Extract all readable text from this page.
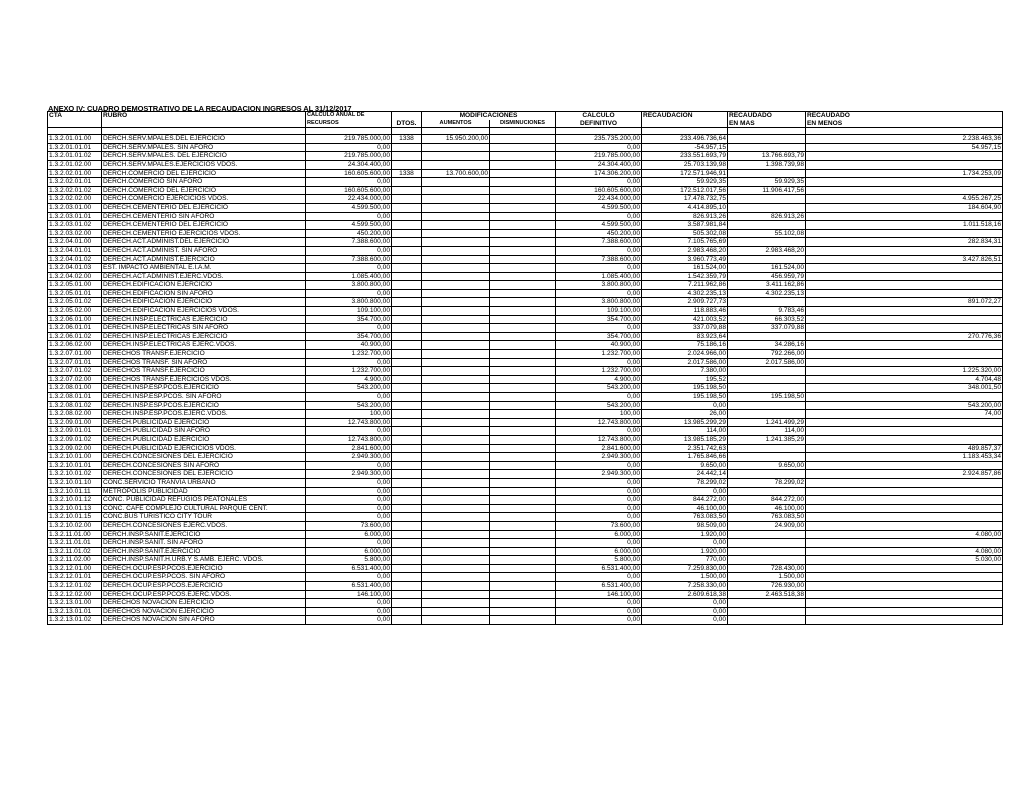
ANEXO IV: CUADRO DEMOSTRATIVO DE LA RECAUDACION INGRESOS AL 31/12/2017
CTA	RUBRO	CALCULO ANUAL DE		MODIFICACIONES		CALCULO	RECAUDACION	RECAUDADO	RECAUDADO
		RECURSOS	DTOS.	AUMENTOS	DISMINUCIONES	DEFINITIVO		EN MAS	EN MENOS

1.3.2.01.01.00	DERCH.SERV.MPALES.DEL EJERCICIO	219.785.000,00	1338	15.950.200,00		235.735.200,00	233.496.736,64		2.238.463,36
1.3.2.01.01.01	DERCH.SERV.MPALES. SIN AFORO	0,00				0,00	-54.957,15		54.957,15
1.3.2.01.01.02	DERCH.SERV.MPALES. DEL EJERCICIO	219.785.000,00				219.785.000,00	233.551.693,79	13.766.693,79	
1.3.2.01.02.00	DERCH.SERV.MPALES.EJERCICIOS VDOS.	24.304.400,00				24.304.400,00	25.703.139,98	1.398.739,98	
1.3.2.02.01.00	DERCH.COMERCIO DEL EJERCICIO	160.605.600,00	1338	13.700.600,00		174.306.200,00	172.571.946,91		1.734.253,09
1.3.2.02.01.01	DERCH.COMERCIO SIN AFORO	0,00				0,00	59.929,35	59.929,35	
1.3.2.02.01.02	DERCH.COMERCIO DEL EJERCICIO	160.605.600,00				160.605.600,00	172.512.017,56	11.906.417,56	
1.3.2.02.02.00	DERCH.COMERCIO EJERCICIOS VDOS.	22.434.000,00				22.434.000,00	17.478.732,75		4.955.267,25
1.3.2.03.01.00	DERECH.CEMENTERIO DEL EJERCICIO	4.599.500,00				4.599.500,00	4.414.895,10		184.604,90
1.3.2.03.01.01	DERECH.CEMENTERIO SIN AFORO	0,00				0,00	826.913,26	826.913,26	
1.3.2.03.01.02	DERECH.CEMENTERIO DEL EJERCICIO	4.599.500,00				4.599.500,00	3.587.981,84		1.011.518,16
1.3.2.03.02.00	DERECH.CEMENTERIO EJERCICIOS VDOS.	450.200,00				450.200,00	505.302,08	55.102,08	
1.3.2.04.01.00	DERECH.ACT.ADMINIST.DEL EJERCICIO	7.388.600,00				7.388.600,00	7.105.765,69		282.834,31
1.3.2.04.01.01	DERECH.ACT.ADMINIST. SIN AFORO	0,00				0,00	2.983.468,20	2.983.468,20	
1.3.2.04.01.02	DERECH.ACT.ADMINIST.EJERCICIO	7.388.600,00				7.388.600,00	3.960.773,49		3.427.826,51
1.3.2.04.01.03	EST. IMPACTO AMBIENTAL E.I.A.M.	0,00				0,00	161.524,00	161.524,00	
1.3.2.04.02.00	DERECH.ACT.ADMINIST.EJERC.VDOS.	1.085.400,00				1.085.400,00	1.542.359,79	456.959,79	
1.3.2.05.01.00	DERECH.EDIFICACION EJERCICIO	3.800.800,00				3.800.800,00	7.211.962,86	3.411.162,86	
1.3.2.05.01.01	DERECH.EDIFICACION SIN AFORO	0,00				0,00	4.302.235,13	4.302.235,13	
1.3.2.05.01.02	DERECH.EDIFICACION EJERCICIO	3.800.800,00				3.800.800,00	2.909.727,73		891.072,27
1.3.2.05.02.00	DERECH.EDIFICACION EJERCICIOS VDOS.	109.100,00				109.100,00	118.883,46	9.783,46	
1.3.2.06.01.00	DERECH.INSP.ELECTRICAS EJERCICIO	354.700,00				354.700,00	421.003,52	66.303,52	
1.3.2.06.01.01	DERECH.INSP.ELECTRICAS SIN AFORO	0,00				0,00	337.079,88	337.079,88	
1.3.2.06.01.02	DERECH.INSP.ELECTRICAS EJERCICIO	354.700,00				354.700,00	83.923,64		270.776,36
1.3.2.06.02.00	DERECH.INSP.ELECTRICAS EJERC.VDOS.	40.900,00				40.900,00	75.186,16	34.286,16	
1.3.2.07.01.00	DERECHOS TRANSF.EJERCICIO	1.232.700,00				1.232.700,00	2.024.966,00	792.266,00	
1.3.2.07.01.01	DERECHOS TRANSF. SIN AFORO	0,00				0,00	2.017.586,00	2.017.586,00	
1.3.2.07.01.02	DERECHOS TRANSF.EJERCICIO	1.232.700,00				1.232.700,00	7.380,00		1.225.320,00
1.3.2.07.02.00	DERECHOS TRANSF.EJERCICIOS VDOS.	4.900,00				4.900,00	195,52		4.704,48
1.3.2.08.01.00	DERECH.INSP.ESP.PCOS.EJERCICIO	543.200,00				543.200,00	195.198,50		348.001,50
1.3.2.08.01.01	DERECH.INSP.ESP.PCOS. SIN AFORO	0,00				0,00	195.198,50	195.198,50	
1.3.2.08.01.02	DERECH.INSP.ESP.PCOS.EJERCICIO	543.200,00				543.200,00	0,00		543.200,00
1.3.2.08.02.00	DERECH.INSP.ESP.PCOS.EJERC.VDOS.	100,00				100,00	26,00		74,00
1.3.2.09.01.00	DERECH.PUBLICIDAD EJERCICIO	12.743.800,00				12.743.800,00	13.985.299,29	1.241.499,29	
1.3.2.09.01.01	DERECH.PUBLICIDAD SIN AFORO	0,00				0,00	114,00	114,00	
1.3.2.09.01.02	DERECH.PUBLICIDAD EJERCICIO	12.743.800,00				12.743.800,00	13.985.185,29	1.241.385,29	
1.3.2.09.02.00	DERECH.PUBLICIDAD EJERCICIOS VDOS.	2.841.600,00				2.841.600,00	2.351.742,63		489.857,37
1.3.2.10.01.00	DERECH.CONCESIONES DEL EJERCICIO	2.949.300,00				2.949.300,00	1.765.846,66		1.183.453,34
1.3.2.10.01.01	DERECH.CONCESIONES SIN AFORO	0,00				0,00	9.650,00	9.650,00	
1.3.2.10.01.02	DERECH.CONCESIONES DEL EJERCICIO	2.949.300,00				2.949.300,00	24.442,14		2.924.857,86
1.3.2.10.01.10	CONC.SERVICIO TRANVIA URBANO	0,00				0,00	78.299,02	78.299,02	
1.3.2.10.01.11	METROPOLIS PUBLICIDAD	0,00				0,00	0,00		
1.3.2.10.01.12	CONC. PUBLICIDAD REFUGIOS PEATONALES	0,00				0,00	844.272,00	844.272,00	
1.3.2.10.01.13	CONC. CAFE COMPLEJO CULTURAL PARQUE CENT.	0,00				0,00	46.100,00	46.100,00	
1.3.2.10.01.15	CONC.BUS TURISTICO CITY TOUR	0,00				0,00	763.083,50	763.083,50	
1.3.2.10.02.00	DERECH.CONCESIONES EJERC.VDOS.	73.600,00				73.600,00	98.509,00	24.909,00	
1.3.2.11.01.00	DERCH.INSP.SANIT.EJERCICIO	6.000,00				6.000,00	1.920,00		4.080,00
1.3.2.11.01.01	DERCH.INSP.SANIT. SIN AFORO	0,00				0,00	0,00		
1.3.2.11.01.02	DERCH.INSP.SANIT.EJERCICIO	6.000,00				6.000,00	1.920,00		4.080,00
1.3.2.11.02.00	DERCH.INSP.SANIT.H.URB.Y S.AMB. EJERC. VDOS.	5.800,00				5.800,00	770,00		5.030,00
1.3.2.12.01.00	DERECH.OCUP.ESP.PCOS.EJERCICIO	6.531.400,00				6.531.400,00	7.259.830,00	728.430,00	
1.3.2.12.01.01	DERECH.OCUP.ESP.PCOS. SIN AFORO	0,00				0,00	1.500,00	1.500,00	
1.3.2.12.01.02	DERECH.OCUP.ESP.PCOS.EJERCICIO	6.531.400,00				6.531.400,00	7.258.330,00	726.930,00	
1.3.2.12.02.00	DERECH.OCUP.ESP.PCOS.EJERC.VDOS.	146.100,00				146.100,00	2.609.618,38	2.463.518,38	
1.3.2.13.01.00	DERECHOS NOVACION EJERCICIO	0,00				0,00	0,00		
1.3.2.13.01.01	DERECHOS NOVACION EJERCICIO	0,00				0,00	0,00		
1.3.2.13.01.02	DERECHOS NOVACION SIN AFORO	0,00				0,00	0,00		
